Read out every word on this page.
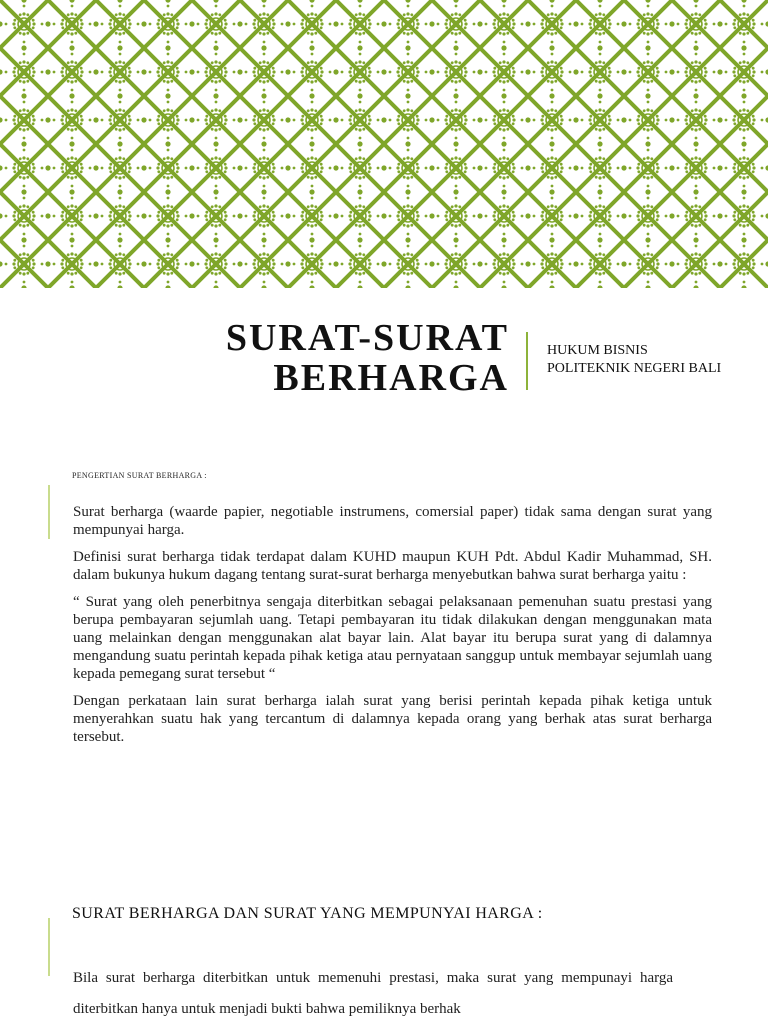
SURAT-SURAT
BERHARGA
HUKUM BISNIS
POLITEKNIK NEGERI BALI
PENGERTIAN SURAT BERHARGA :

Surat berharga (waarde papier, negotiable instrumens, comersial paper) tidak sama dengan surat yang mempunyai harga.

Definisi surat berharga tidak terdapat dalam KUHD maupun KUH Pdt. Abdul Kadir Muhammad, SH. dalam bukunya hukum dagang tentang surat-surat berharga menyebutkan bahwa surat berharga yaitu :

“ Surat yang oleh penerbitnya sengaja diterbitkan sebagai pelaksanaan pemenuhan suatu prestasi yang berupa pembayaran sejumlah uang. Tetapi pembayaran itu tidak dilakukan dengan menggunakan mata uang melainkan dengan menggunakan alat bayar lain. Alat bayar itu berupa surat yang di dalamnya mengandung suatu perintah kepada pihak ketiga atau pernyataan sanggup untuk membayar sejumlah uang kepada pemegang surat tersebut “

Dengan perkataan lain surat berharga ialah surat yang berisi perintah kepada pihak ketiga untuk menyerahkan suatu hak yang tercantum di dalamnya kepada orang yang berhak atas surat berharga tersebut.

SURAT BERHARGA DAN SURAT YANG MEMPUNYAI HARGA :

Bila surat berharga diterbitkan untuk memenuhi prestasi, maka surat yang mempunayi harga diterbitkan hanya untuk menjadi bukti bahwa pemiliknya berhak
